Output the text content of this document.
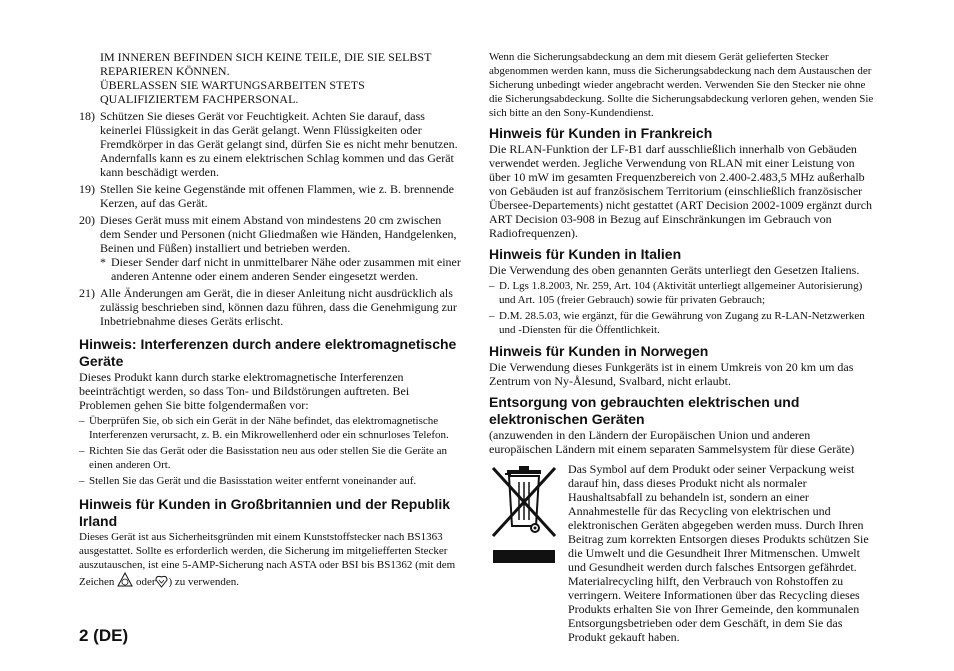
IM INNEREN BEFINDEN SICH KEINE TEILE, DIE SIE SELBST
REPARIEREN KÖNNEN.
ÜBERLASSEN SIE WARTUNGSARBEITEN STETS
QUALIFIZIERTEM FACHPERSONAL.
18) Schützen Sie dieses Gerät vor Feuchtigkeit. Achten Sie darauf, dass keinerlei Flüssigkeit in das Gerät gelangt. Wenn Flüssigkeiten oder Fremdkörper in das Gerät gelangt sind, dürfen Sie es nicht mehr benutzen. Andernfalls kann es zu einem elektrischen Schlag kommen und das Gerät kann beschädigt werden.
19) Stellen Sie keine Gegenstände mit offenen Flammen, wie z. B. brennende Kerzen, auf das Gerät.
20) Dieses Gerät muss mit einem Abstand von mindestens 20 cm zwischen dem Sender und Personen (nicht Gliedmaßen wie Händen, Handgelenken, Beinen und Füßen) installiert und betrieben werden.
* Dieser Sender darf nicht in unmittelbarer Nähe oder zusammen mit einer anderen Antenne oder einem anderen Sender eingesetzt werden.
21) Alle Änderungen am Gerät, die in dieser Anleitung nicht ausdrücklich als zulässig beschrieben sind, können dazu führen, dass die Genehmigung zur Inbetriebnahme dieses Geräts erlischt.
Hinweis: Interferenzen durch andere elektromagnetische Geräte

Dieses Produkt kann durch starke elektromagnetische Interferenzen beeinträchtigt werden, so dass Ton- und Bildstörungen auftreten. Bei Problemen gehen Sie bitte folgendermaßen vor:

– Überprüfen Sie, ob sich ein Gerät in der Nähe befindet, das elektromagnetische Interferenzen verursacht, z. B. ein Mikrowellenherd oder ein schnurloses Telefon.
– Richten Sie das Gerät oder die Basisstation neu aus oder stellen Sie die Geräte an einen anderen Ort.
– Stellen Sie das Gerät und die Basisstation weiter entfernt voneinander auf.
Hinweis für Kunden in Großbritannien und der Republik Irland

Dieses Gerät ist aus Sicherheitsgründen mit einem Kunststoffstecker nach BS1363 ausgestattet. Sollte es erforderlich werden, die Sicherung im mitgeliefferten Stecker auszutauschen, ist eine 5-AMP-Sicherung nach ASTA oder BSI bis BS1362 (mit dem Zeichen oder ) zu verwenden.

2 (DE)

Wenn die Sicherungsabdeckung an dem mit diesem Gerät gelieferten Stecker abgenommen werden kann, muss die Sicherungsabdeckung nach dem Austauschen der Sicherung unbedingt wieder angebracht werden. Verwenden Sie den Stecker nie ohne die Sicherungsabdeckung. Sollte die Sicherungsabdeckung verloren gehen, wenden Sie sich bitte an den Sony-Kundendienst.

Hinweis für Kunden in Frankreich

Die RLAN-Funktion der LF-B1 darf ausschließlich innerhalb von Gebäuden verwendet werden. Jegliche Verwendung von RLAN mit einer Leistung von über 10 mW im gesamten Frequenzbereich von 2.400-2.483,5 MHz außerhalb von Gebäuden ist auf französischem Territorium (einschließlich französischer Übersee-Departements) nicht gestattet (ART Decision 2002-1009 ergänzt durch ART Decision 03-908 in Bezug auf Einschränkungen im Gebrauch von Radiofrequenzen).

Hinweis für Kunden in Italien

Die Verwendung des oben genannten Geräts unterliegt den Gesetzen Italiens.

– D. Lgs 1.8.2003, Nr. 259, Art. 104 (Aktivität unterliegt allgemeiner Autorisierung) und Art. 105 (freier Gebrauch) sowie für privaten Gebrauch;
– D.M. 28.5.03, wie ergänzt, für die Gewährung von Zugang zu R-LAN-Netzwerken und -Diensten für die Öffentlichkeit.
Hinweis für Kunden in Norwegen

Die Verwendung dieses Funkgeräts ist in einem Umkreis von 20 km um das Zentrum von Ny-Ålesund, Svalbard, nicht erlaubt.

Entsorgung von gebrauchten elektrischen und elektronischen Geräten

(anzuwenden in den Ländern der Europäischen Union und anderen europäischen Ländern mit einem separaten Sammelsystem für diese Geräte)

Das Symbol auf dem Produkt oder seiner Verpackung weist darauf hin, dass dieses Produkt nicht als normaler Haushaltsabfall zu behandeln ist, sondern an einer Annahmestelle für das Recycling von elektrischen und elektronischen Geräten abgegeben werden muss. Durch Ihren Beitrag zum korrekten Entsorgen dieses Produkts schützen Sie die Umwelt und die Gesundheit Ihrer Mitmenschen. Umwelt und Gesundheit werden durch falsches Entsorgen gefährdet. Materialrecycling hilft, den Verbrauch von Rohstoffen zu verringern. Weitere Informationen über das Recycling dieses Produkts erhalten Sie von Ihrer Gemeinde, den kommunalen Entsorgungsbetrieben oder dem Geschäft, in dem Sie das Produkt gekauft haben.
